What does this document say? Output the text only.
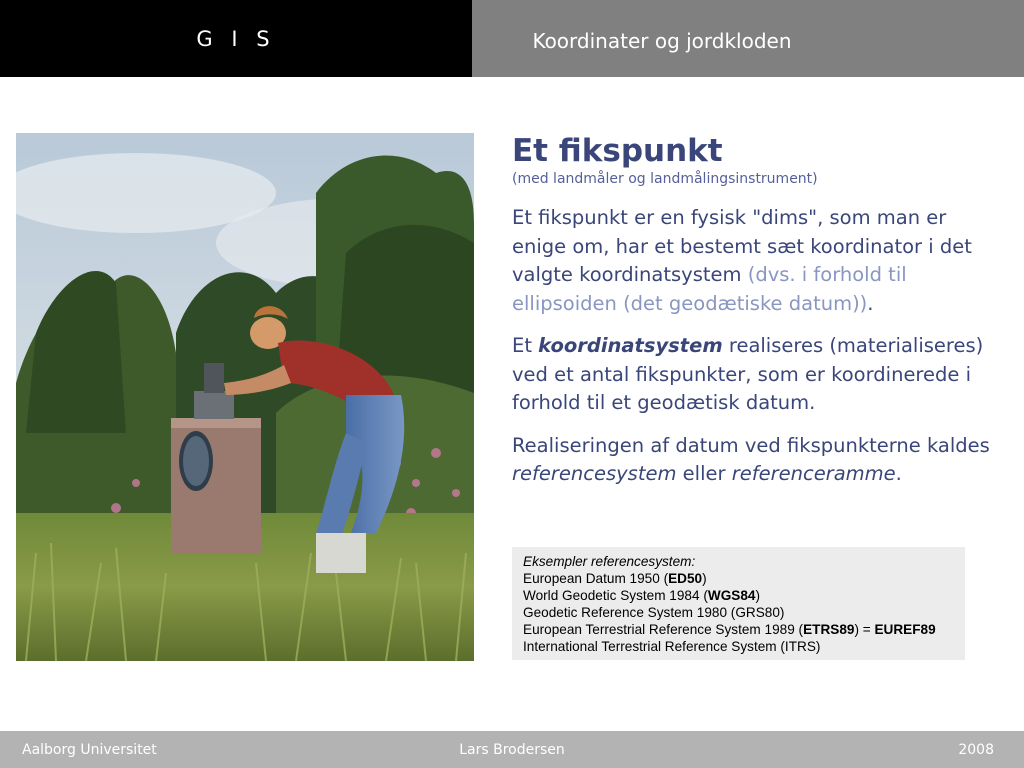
G I S	Koordinater og jordkloden
Et fikspunkt
(med landmåler og landmålingsinstrument)

Et fikspunkt er en fysisk "dims", som man er enige om, har et bestemt sæt koordinator i det valgte koordinatsystem (dvs. i forhold til ellipsoiden (det geodætiske datum)).

Et koordinatsystem realiseres (materialiseres) ved et antal fikspunkter, som er koordinerede i forhold til et geodætisk datum.

Realiseringen af datum ved fikspunkterne kaldes referencesystem eller referenceramme.

Eksempler referencesystem:
European Datum 1950 (ED50)
World Geodetic System 1984 (WGS84)
Geodetic Reference System 1980 (GRS80)
European Terrestrial Reference System 1989 (ETRS89) = EUREF89
International Terrestrial Reference System (ITRS)
Aalborg Universitet	Lars Brodersen	2008
